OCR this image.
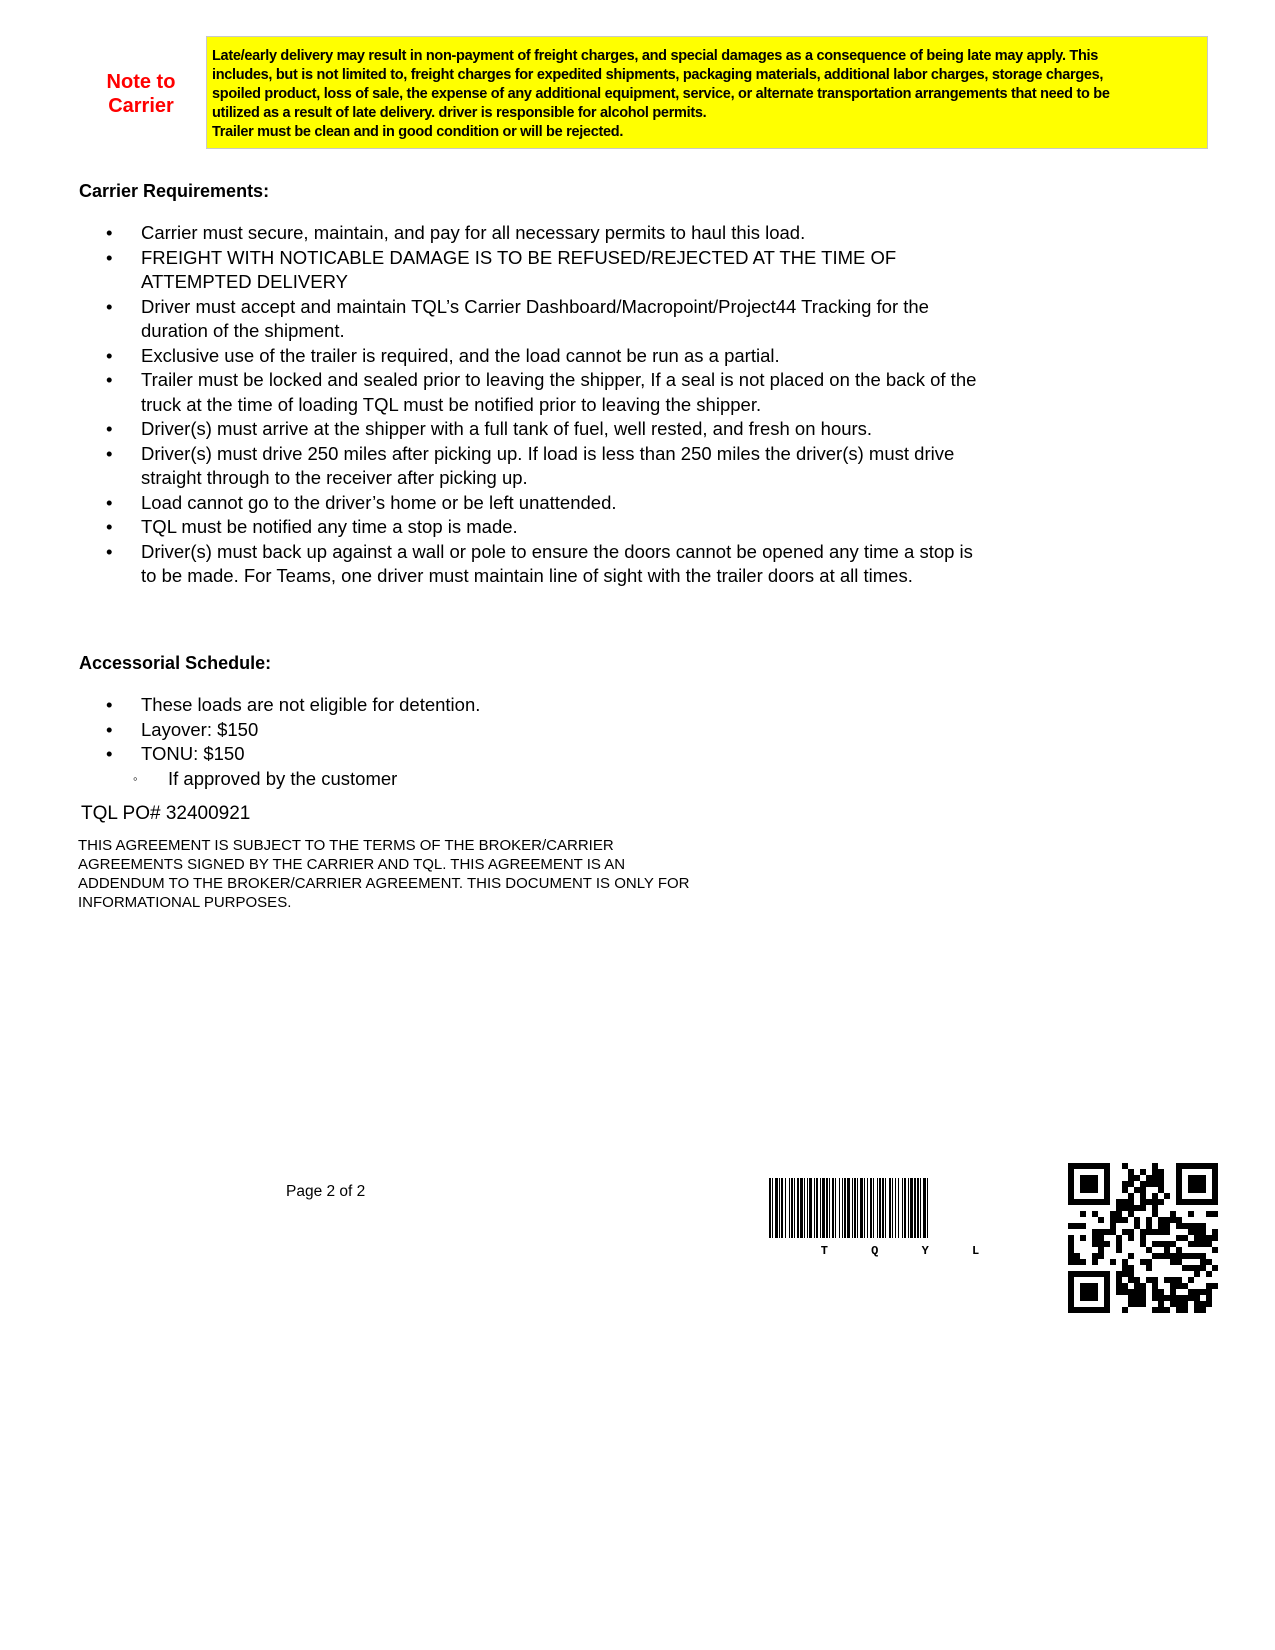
Note to
Carrier

Late/early delivery may result in non-payment of freight charges, and special damages as a consequence of being late may apply. This

includes, but is not limited to, freight charges for expedited shipments, packaging materials, additional labor charges, storage charges,

spoiled product, loss of sale, the expense of any additional equipment, service, or alternate transportation arrangements that need to be

utilized as a result of late delivery. driver is responsible for alcohol permits.

Trailer must be clean and in good condition or will be rejected.

Carrier Requirements:
• Carrier must secure, maintain, and pay for all necessary permits to haul this load.
• FREIGHT WITH NOTICABLE DAMAGE IS TO BE REFUSED/REJECTED AT THE TIME OF
ATTEMPTED DELIVERY
• Driver must accept and maintain TQL’s Carrier Dashboard/Macropoint/Project44 Tracking for the
duration of the shipment.
• Exclusive use of the trailer is required, and the load cannot be run as a partial.
• Trailer must be locked and sealed prior to leaving the shipper, If a seal is not placed on the back of the
truck at the time of loading TQL must be notified prior to leaving the shipper.
• Driver(s) must arrive at the shipper with a full tank of fuel, well rested, and fresh on hours.
• Driver(s) must drive 250 miles after picking up. If load is less than 250 miles the driver(s) must drive
straight through to the receiver after picking up.
• Load cannot go to the driver’s home or be left unattended.
• TQL must be notified any time a stop is made.
• Driver(s) must back up against a wall or pole to ensure the doors cannot be opened any time a stop is
to be made. For Teams, one driver must maintain line of sight with the trailer doors at all times.
Accessorial Schedule:
• These loads are not eligible for detention.
• Layover: $150
• TONU: $150
◦ If approved by the customer
TQL PO# 32400921

THIS AGREEMENT IS SUBJECT TO THE TERMS OF THE BROKER/CARRIER

AGREEMENTS SIGNED BY THE CARRIER AND TQL. THIS AGREEMENT IS AN

ADDENDUM TO THE BROKER/CARRIER AGREEMENT. THIS DOCUMENT IS ONLY FOR

INFORMATIONAL PURPOSES.

Page 2 of 2
T Q Y L
